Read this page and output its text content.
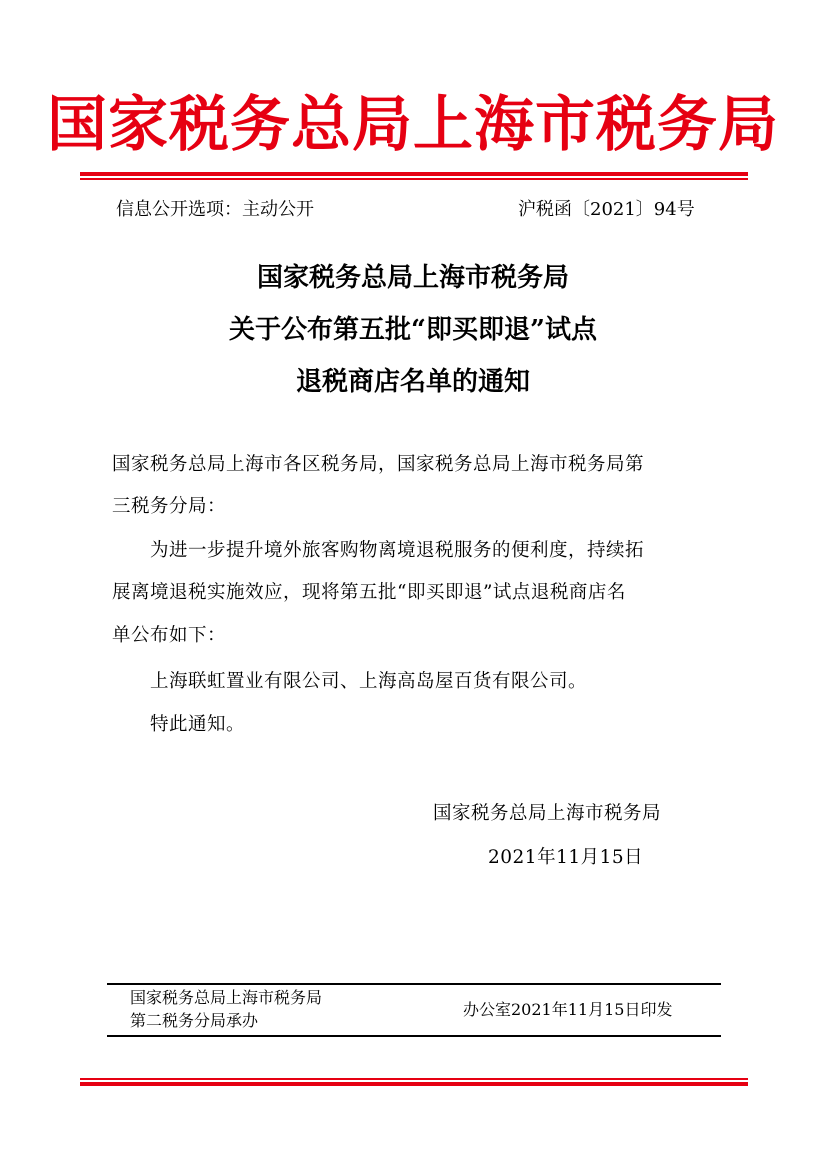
国家税务总局上海市税务局
信息公开选项：主动公开	沪税函〔2021〕94号
国家税务总局上海市税务局
关于公布第五批“即买即退”试点
退税商店名单的通知
国家税务总局上海市各区税务局，国家税务总局上海市税务局第
三税务分局：
为进一步提升境外旅客购物离境退税服务的便利度，持续拓
展离境退税实施效应，现将第五批“即买即退”试点退税商店名
单公布如下：
上海联虹置业有限公司、上海高岛屋百货有限公司。
特此通知。
国家税务总局上海市税务局
2021年11月15日
国家税务总局上海市税务局
第二税务分局承办
办公室2021年11月15日印发
